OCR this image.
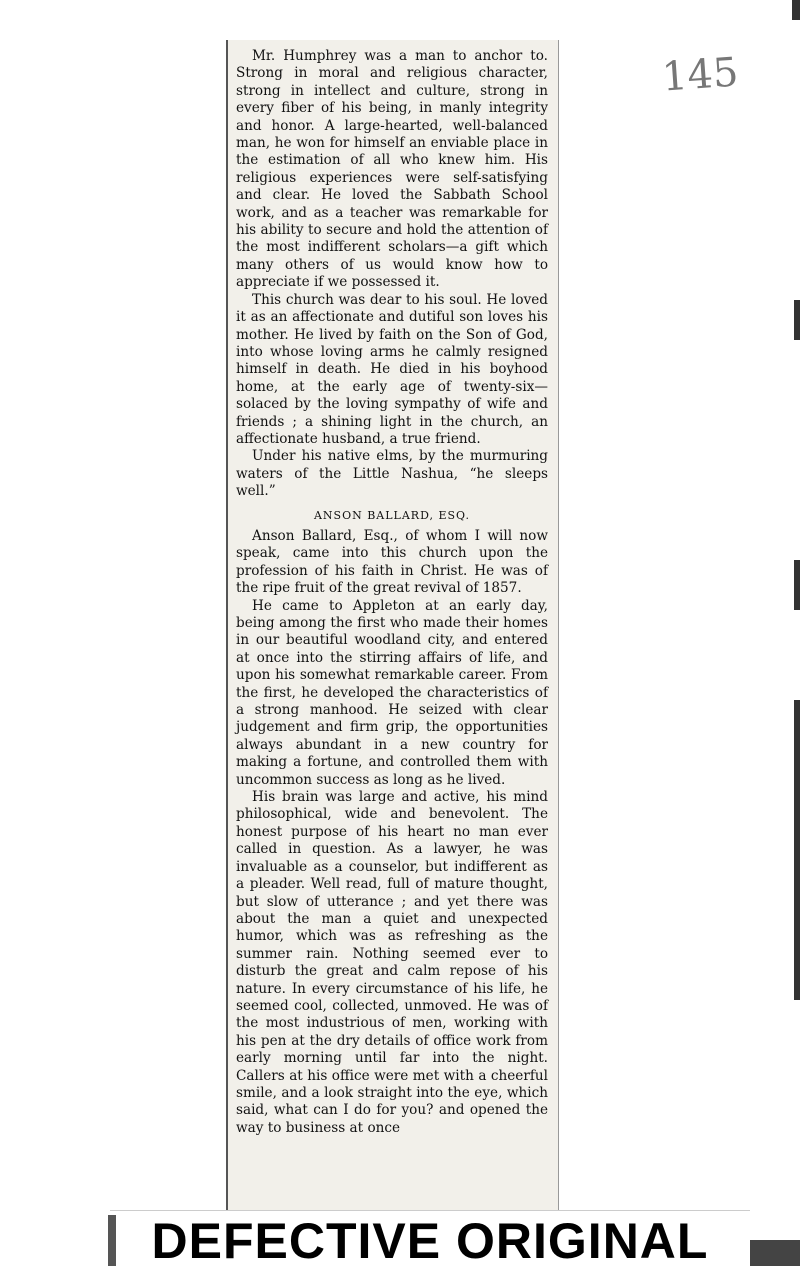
Mr. Humphrey was a man to anchor to. Strong in moral and religious character, strong in intellect and culture, strong in every fiber of his being, in manly integrity and honor. A large-hearted, well-balanced man, he won for himself an enviable place in the estimation of all who knew him. His religious experiences were self-satisfying and clear. He loved the Sabbath School work, and as a teacher was remarkable for his ability to secure and hold the attention of the most indifferent scholars—a gift which many others of us would know how to appreciate if we possessed it.

This church was dear to his soul. He loved it as an affectionate and dutiful son loves his mother. He lived by faith on the Son of God, into whose loving arms he calmly resigned himself in death. He died in his boyhood home, at the early age of twenty-six—solaced by the loving sympathy of wife and friends ; a shining light in the church, an affectionate husband, a true friend.

Under his native elms, by the murmuring waters of the Little Nashua, “he sleeps well.”

ANSON BALLARD, ESQ.

Anson Ballard, Esq., of whom I will now speak, came into this church upon the profession of his faith in Christ. He was of the ripe fruit of the great revival of 1857.

He came to Appleton at an early day, being among the first who made their homes in our beautiful woodland city, and entered at once into the stirring affairs of life, and upon his somewhat remarkable career. From the first, he developed the characteristics of a strong manhood. He seized with clear judgement and firm grip, the opportunities always abundant in a new country for making a fortune, and controlled them with uncommon success as long as he lived.

His brain was large and active, his mind philosophical, wide and benevolent. The honest purpose of his heart no man ever called in question. As a lawyer, he was invaluable as a counselor, but indifferent as a pleader. Well read, full of mature thought, but slow of utterance ; and yet there was about the man a quiet and unexpected humor, which was as refreshing as the summer rain. Nothing seemed ever to disturb the great and calm repose of his nature. In every circumstance of his life, he seemed cool, collected, unmoved. He was of the most industrious of men, working with his pen at the dry details of office work from early morning until far into the night. Callers at his office were met with a cheerful smile, and a look straight into the eye, which said, what can I do for you? and opened the way to business at once

145
DEFECTIVE ORIGINAL
